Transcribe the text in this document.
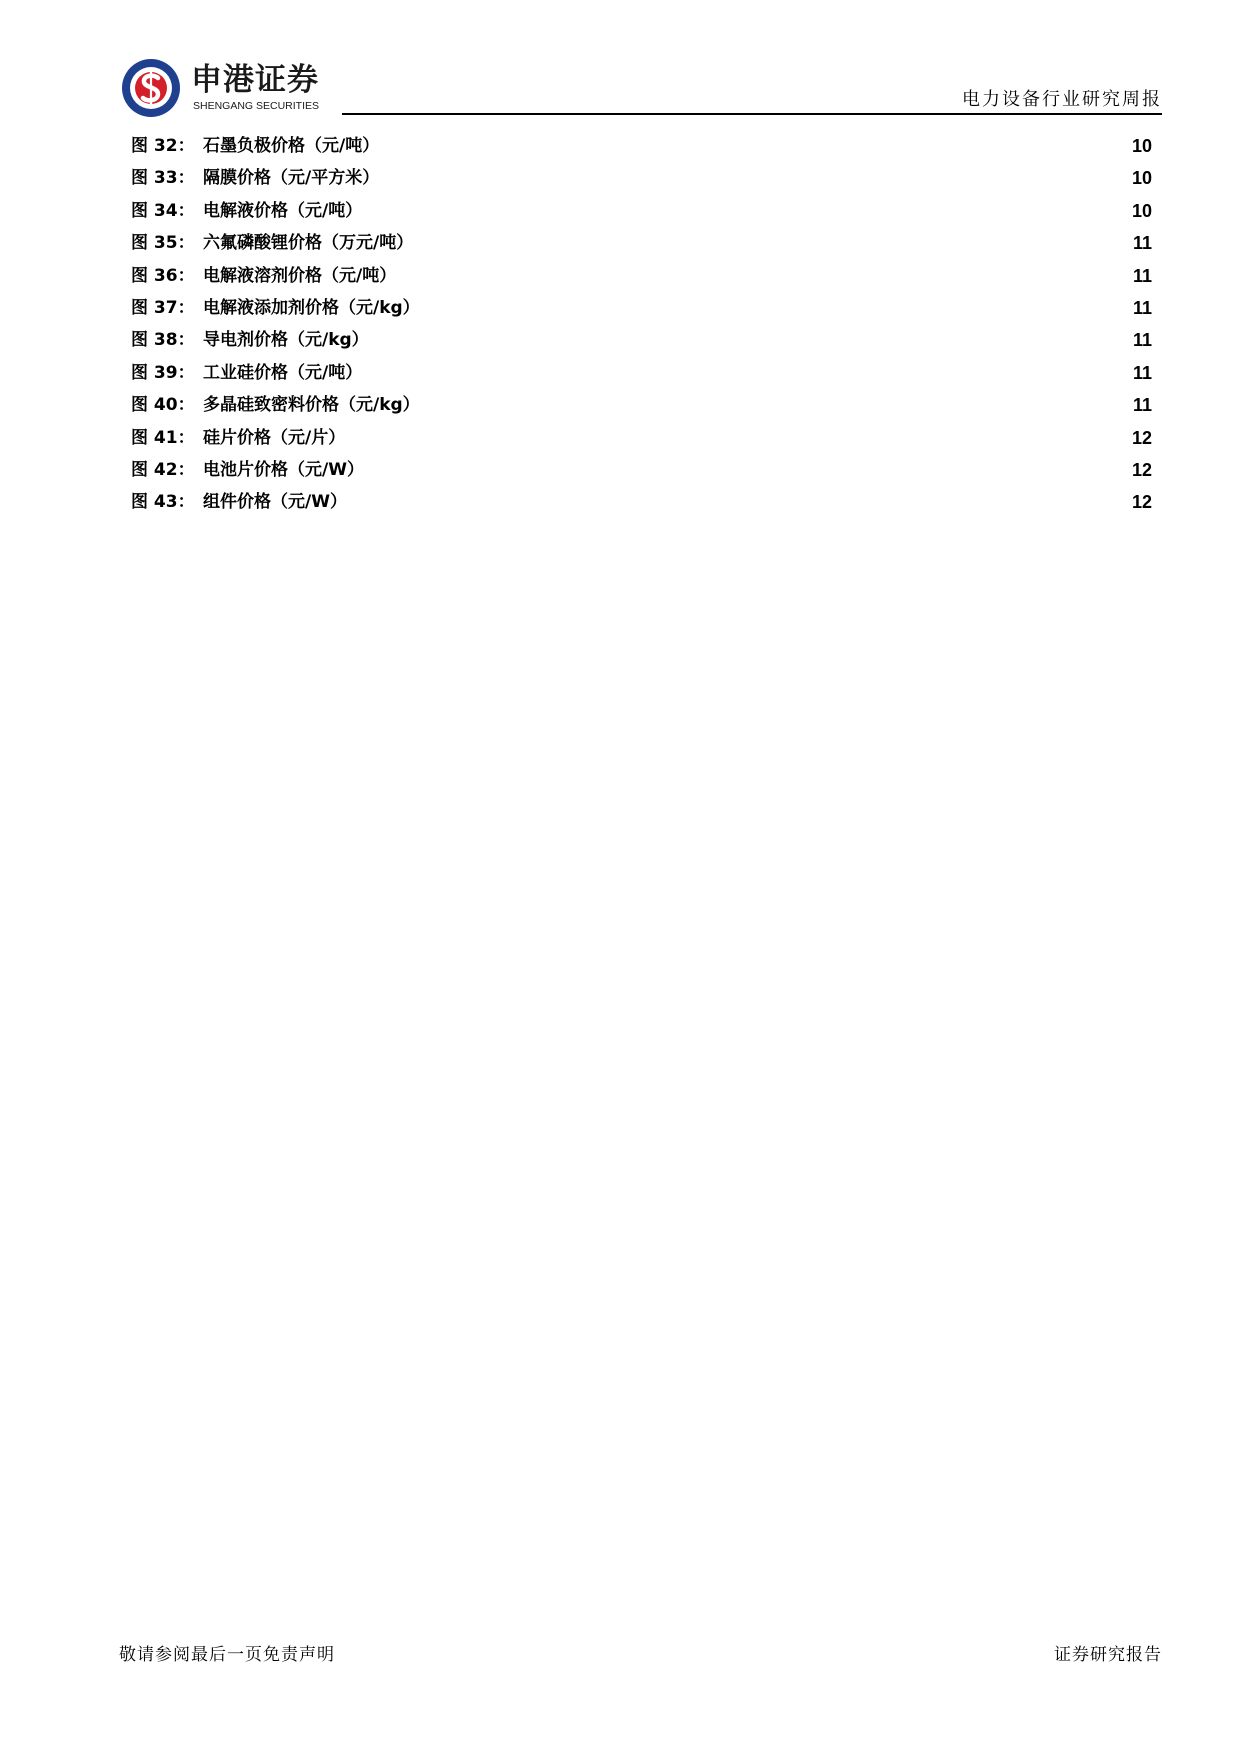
申港证券
SHENGANG SECURITIES	电力设备行业研究周报
图 32： 石墨负极价格（元/吨）	10
图 33： 隔膜价格（元/平方米）	10
图 34： 电解液价格（元/吨）	10
图 35： 六氟磷酸锂价格（万元/吨）	11
图 36： 电解液溶剂价格（元/吨）	11
图 37： 电解液添加剂价格（元/kg）	11
图 38： 导电剂价格（元/kg）	11
图 39： 工业硅价格（元/吨）	11
图 40： 多晶硅致密料价格（元/kg）	11
图 41： 硅片价格（元/片）	12
图 42： 电池片价格（元/W）	12
图 43： 组件价格（元/W）	12
敬请参阅最后一页免责声明	证券研究报告
